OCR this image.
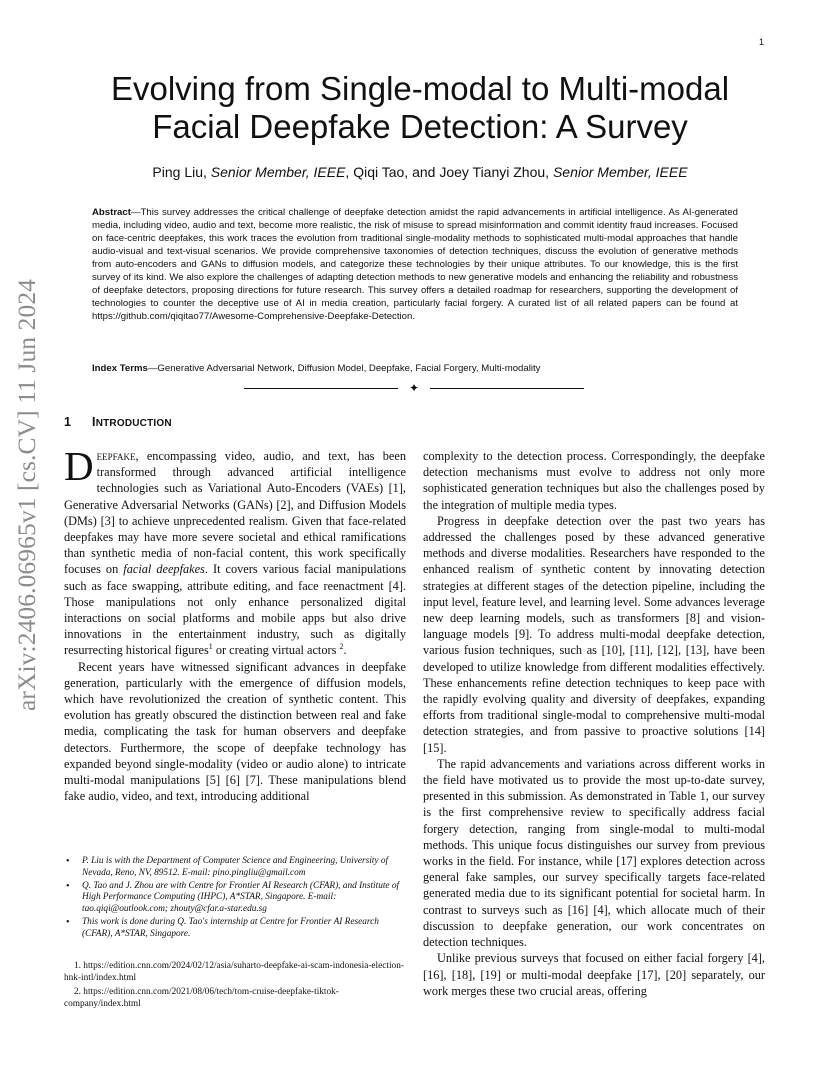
1
arXiv:2406.06965v1 [cs.CV] 11 Jun 2024
Evolving from Single-modal to Multi-modal
Facial Deepfake Detection: A Survey
Ping Liu, Senior Member, IEEE, Qiqi Tao, and Joey Tianyi Zhou, Senior Member, IEEE

Abstract—This survey addresses the critical challenge of deepfake detection amidst the rapid advancements in artificial intelligence. As AI-generated media, including video, audio and text, become more realistic, the risk of misuse to spread misinformation and commit identity fraud increases. Focused on face-centric deepfakes, this work traces the evolution from traditional single-modality methods to sophisticated multi-modal approaches that handle audio-visual and text-visual scenarios. We provide comprehensive taxonomies of detection techniques, discuss the evolution of generative methods from auto-encoders and GANs to diffusion models, and categorize these technologies by their unique attributes. To our knowledge, this is the first survey of its kind. We also explore the challenges of adapting detection methods to new generative models and enhancing the reliability and robustness of deepfake detectors, proposing directions for future research. This survey offers a detailed roadmap for researchers, supporting the development of technologies to counter the deceptive use of AI in media creation, particularly facial forgery. A curated list of all related papers can be found at https://github.com/qiqitao77/Awesome-Comprehensive-Deepfake-Detection.

Index Terms—Generative Adversarial Network, Diffusion Model, Deepfake, Facial Forgery, Multi-modality
✦
1 INTRODUCTION

Deepfake, encompassing video, audio, and text, has been transformed through advanced artificial intelligence technologies such as Variational Auto-Encoders (VAEs) [1], Generative Adversarial Networks (GANs) [2], and Diffusion Models (DMs) [3] to achieve unprecedented realism. Given that face-related deepfakes may have more severe societal and ethical ramifications than synthetic media of non-facial content, this work specifically focuses on facial deepfakes. It covers various facial manipulations such as face swapping, attribute editing, and face reenactment [4]. Those manipulations not only enhance personalized digital interactions on social platforms and mobile apps but also drive innovations in the entertainment industry, such as digitally resurrecting historical figures$^1$ or creating virtual actors $^2$.

Recent years have witnessed significant advances in deepfake generation, particularly with the emergence of diffusion models, which have revolutionized the creation of synthetic content. This evolution has greatly obscured the distinction between real and fake media, complicating the task for human observers and deepfake detectors. Furthermore, the scope of deepfake technology has expanded beyond single-modality (video or audio alone) to intricate multi-modal manipulations [5] [6] [7]. These manipulations blend fake audio, video, and text, introducing additional

complexity to the detection process. Correspondingly, the deepfake detection mechanisms must evolve to address not only more sophisticated generation techniques but also the challenges posed by the integration of multiple media types.

Progress in deepfake detection over the past two years has addressed the challenges posed by these advanced generative methods and diverse modalities. Researchers have responded to the enhanced realism of synthetic content by innovating detection strategies at different stages of the detection pipeline, including the input level, feature level, and learning level. Some advances leverage new deep learning models, such as transformers [8] and vision-language models [9]. To address multi-modal deepfake detection, various fusion techniques, such as [10], [11], [12], [13], have been developed to utilize knowledge from different modalities effectively. These enhancements refine detection techniques to keep pace with the rapidly evolving quality and diversity of deepfakes, expanding efforts from traditional single-modal to comprehensive multi-modal detection strategies, and from passive to proactive solutions [14] [15].

The rapid advancements and variations across different works in the field have motivated us to provide the most up-to-date survey, presented in this submission. As demonstrated in Table 1, our survey is the first comprehensive review to specifically address facial forgery detection, ranging from single-modal to multi-modal methods. This unique focus distinguishes our survey from previous works in the field. For instance, while [17] explores detection across general fake samples, our survey specifically targets face-related generated media due to its significant potential for societal harm. In contrast to surveys such as [16] [4], which allocate much of their discussion to deepfake generation, our work concentrates on detection techniques.

Unlike previous surveys that focused on either facial forgery [4], [16], [18], [19] or multi-modal deepfake [17], [20] separately, our work merges these two crucial areas, offering

• P. Liu is with the Department of Computer Science and Engineering, University of Nevada, Reno, NV, 89512. E-mail: pino.pingliu@gmail.com
• Q. Tao and J. Zhou are with Centre for Frontier AI Research (CFAR), and Institute of High Performance Computing (IHPC), A*STAR, Singapore. E-mail: tao.qiqi@outlook.com; zhouty@cfar.a-star.edu.sg
• This work is done during Q. Tao's internship at Centre for Frontier AI Research (CFAR), A*STAR, Singapore.

1. https://edition.cnn.com/2024/02/12/asia/suharto-deepfake-ai-scam-indonesia-election-hnk-intl/index.html

2. https://edition.cnn.com/2021/08/06/tech/tom-cruise-deepfake-tiktok-company/index.html
